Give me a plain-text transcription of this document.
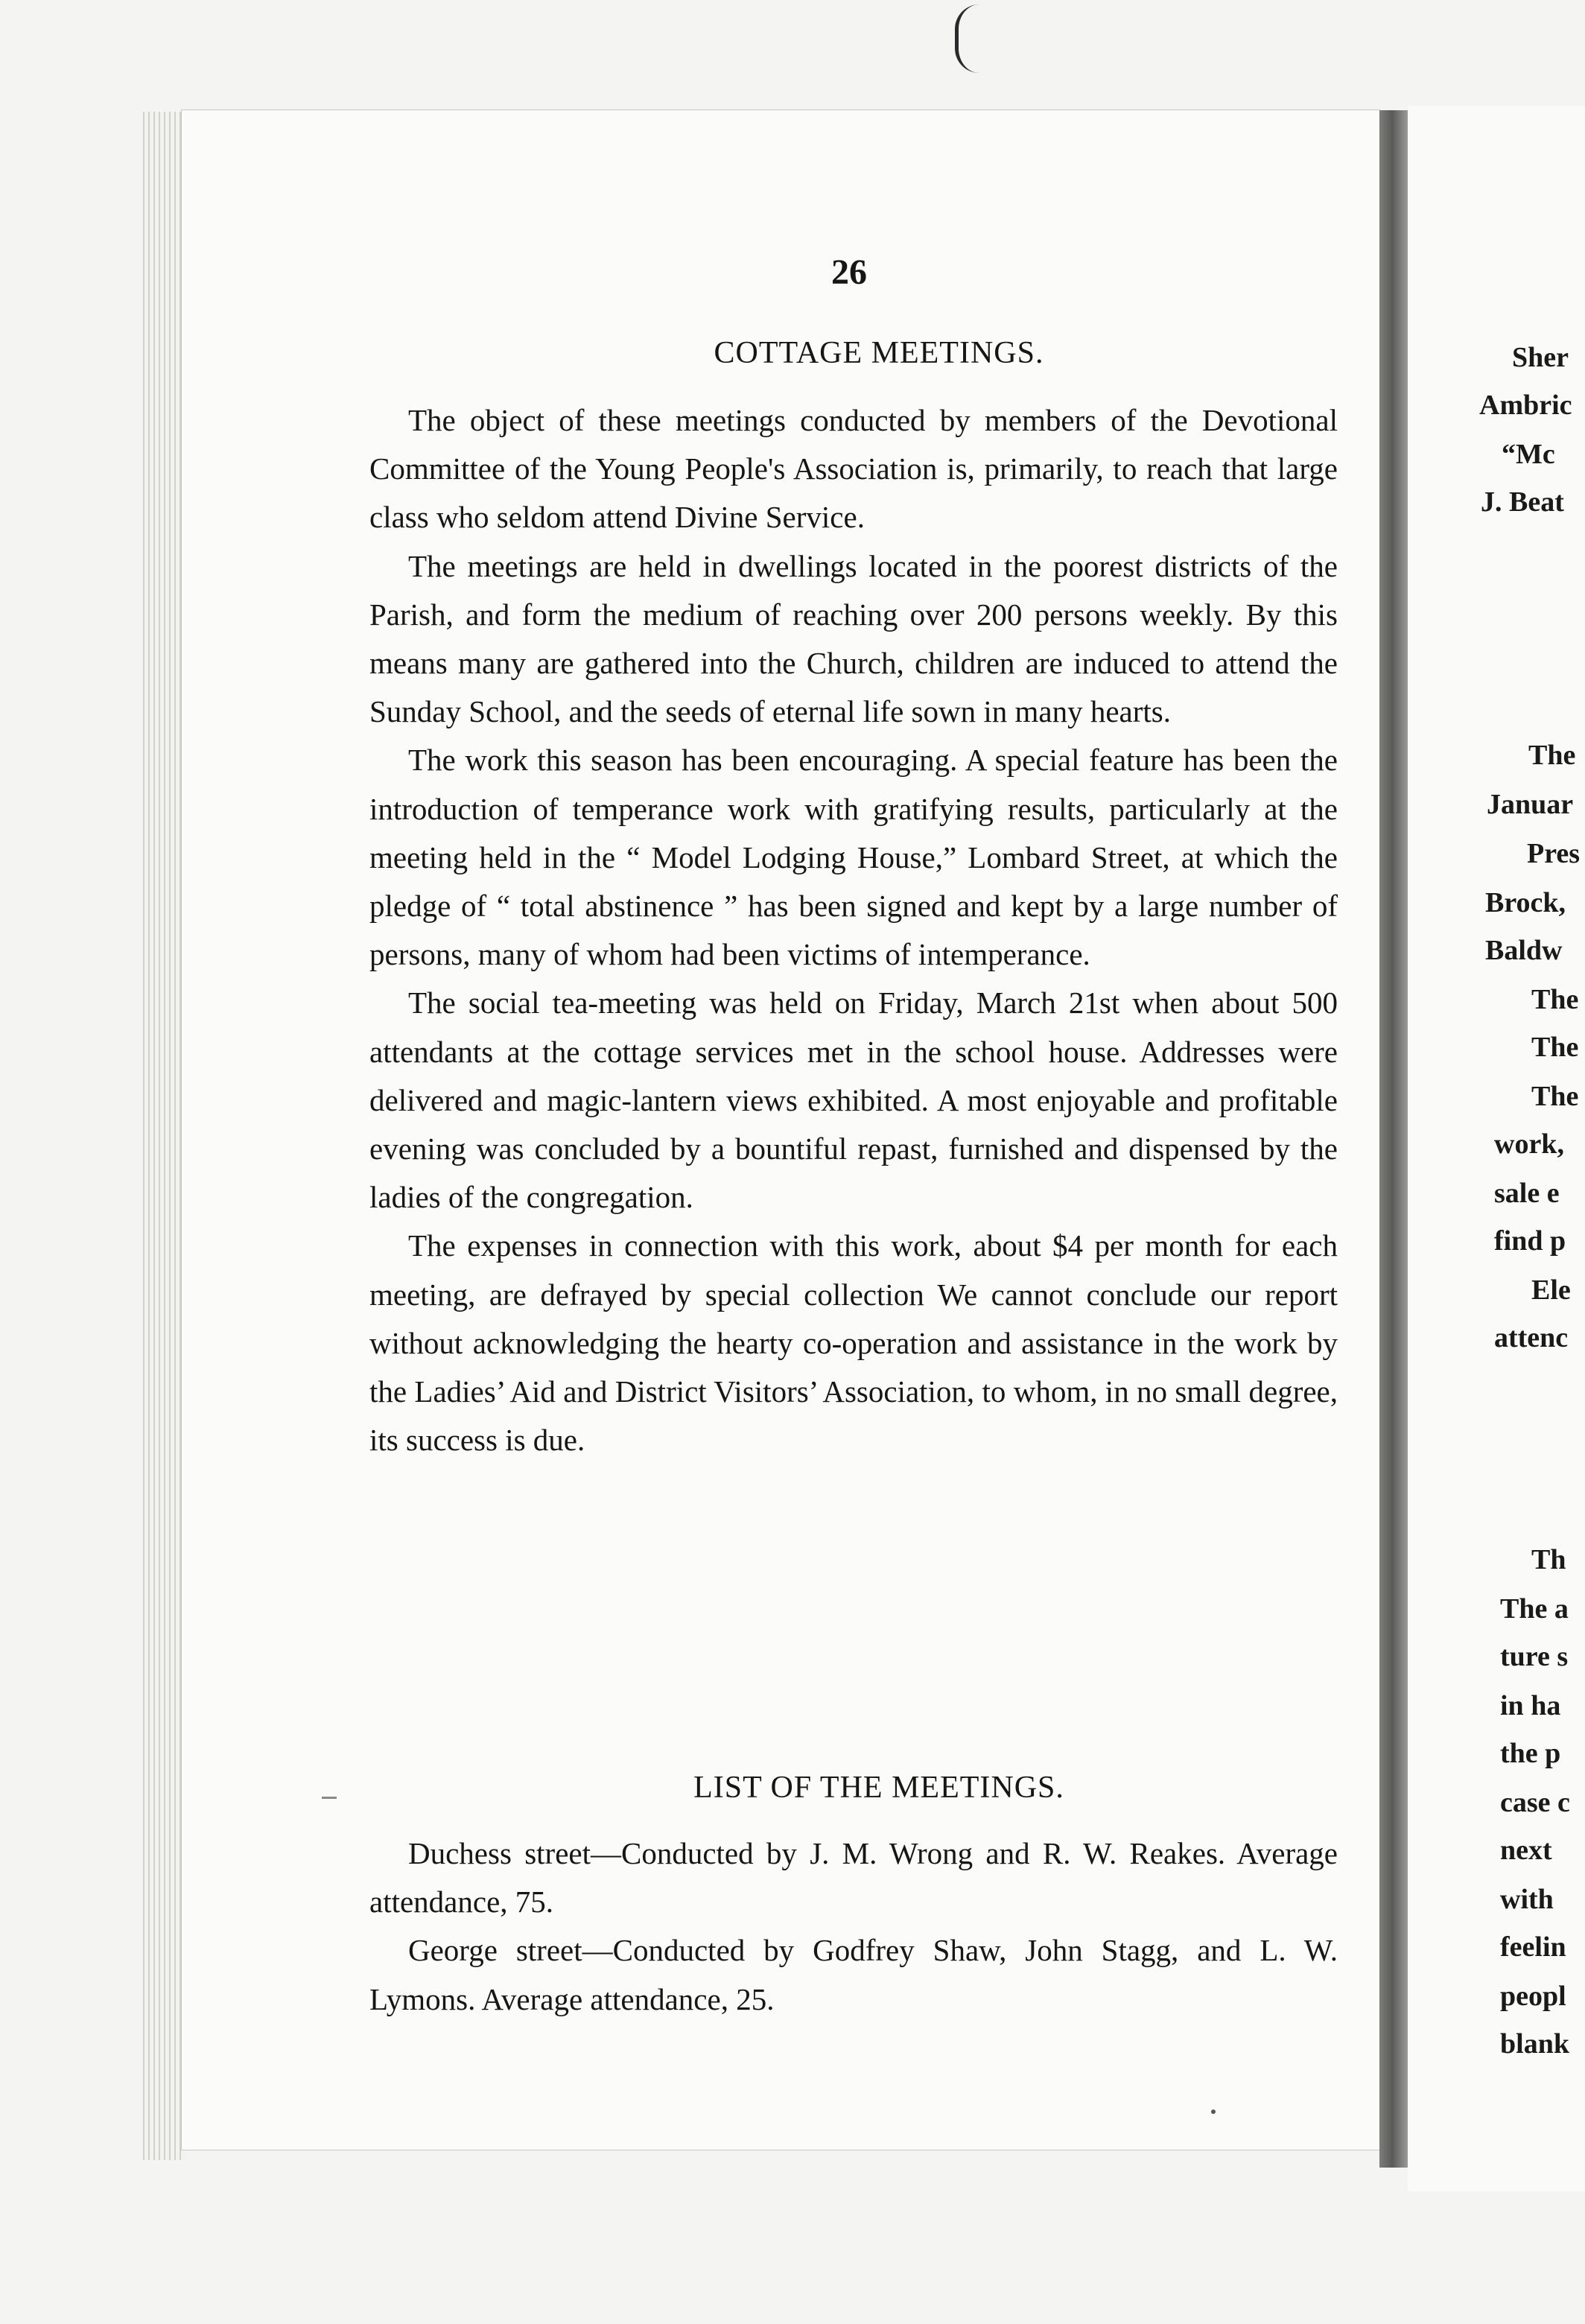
26
COTTAGE MEETINGS.

The object of these meetings conducted by members of the Devotional Committee of the Young People's Association is, primarily, to reach that large class who seldom attend Divine Service.

The meetings are held in dwellings located in the poorest districts of the Parish, and form the medium of reaching over 200 persons weekly. By this means many are gathered into the Church, children are induced to attend the Sunday School, and the seeds of eternal life sown in many hearts.

The work this season has been encouraging. A special feature has been the introduction of temperance work with gratifying results, particularly at the meeting held in the “ Model Lodging House,” Lombard Street, at which the pledge of “ total abstinence ” has been signed and kept by a large number of persons, many of whom had been victims of intemperance.

The social tea-meeting was held on Friday, March 21st when about 500 attendants at the cottage services met in the school house. Addresses were delivered and magic-lantern views exhibited. A most enjoyable and profitable evening was concluded by a bountiful repast, furnished and dispensed by the ladies of the congregation.

The expenses in connection with this work, about $4 per month for each meeting, are defrayed by special collection We cannot conclude our report without acknowledging the hearty co-operation and assistance in the work by the Ladies’ Aid and District Visitors’ Association, to whom, in no small degree, its success is due.

LIST OF THE MEETINGS.

Duchess street—Conducted by J. M. Wrong and R. W. Reakes. Average attendance, 75.

George street—Conducted by Godfrey Shaw, John Stagg, and L. W. Lymons. Average attendance, 25.

Sher
Ambric
“Mc
J. Beat
The
Januar
Pres
Brock,
Baldw
The
The
The
work,
sale e
find p
Ele
attenc
Th
The a
ture s
in ha
the p
case c
next
with
feelin
peopl
blank
